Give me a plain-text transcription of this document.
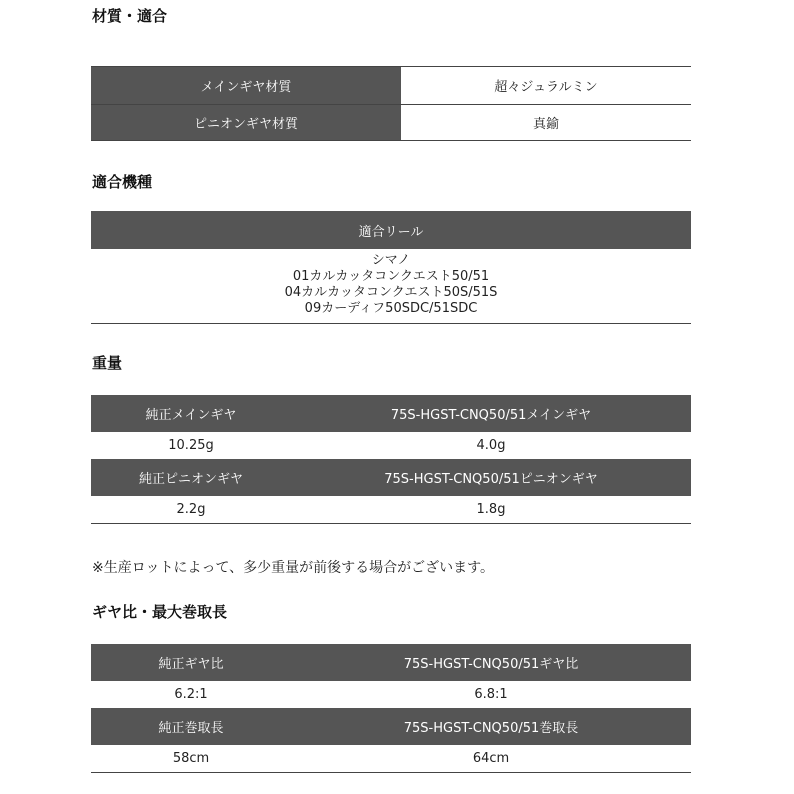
材質・適合
メインギヤ材質	超々ジュラルミン
ピニオンギヤ材質	真鍮
適合機種
適合リール

シマノ
01カルカッタコンクエスト50/51
04カルカッタコンクエスト50S/51S
09カーディフ50SDC/51SDC
重量
純正メインギヤ	75S-HGST-CNQ50/51メインギヤ
10.25g	4.0g
純正ピニオンギヤ	75S-HGST-CNQ50/51ピニオンギヤ
2.2g	1.8g
※生産ロットによって、多少重量が前後する場合がございます。
ギヤ比・最大巻取長
純正ギヤ比	75S-HGST-CNQ50/51ギヤ比
6.2:1	6.8:1
純正巻取長	75S-HGST-CNQ50/51巻取長
58cm	64cm
